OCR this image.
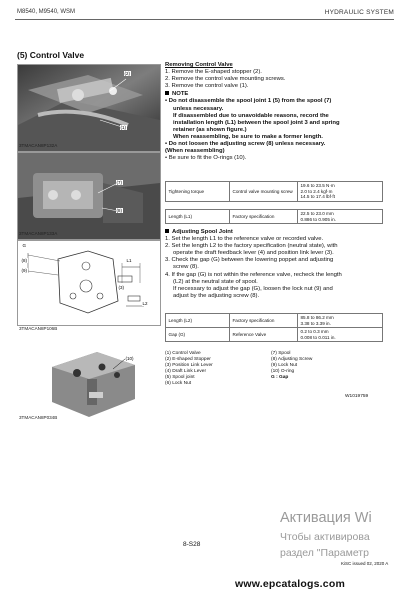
M8540, M9540, WSM	HYDRAULIC SYSTEM
(5) Control Valve
(2)
(1)
3TMACAN8P132A
(7)
(8)
3TMACAN8P133A
G
(8)
(9)
L1
(3)
L2
3TMACAN8P106B
(10)
3TMACAN8P034B

Removing Control Valve

1. Remove the E-shaped stopper (2).

2. Remove the control valve mounting screws.

3. Remove the control valve (1).

NOTE

• Do not disassemble the spool joint 1 (5) from the spool (7)

unless necessary.

If disassembled due to unavoidable reasons, record the

installation length (L1) between the spool joint 3 and spring

retainer (as shown figure.)

When reassembling, be sure to make a former length.

• Do not loosen the adjusting screw (8) unless necessary.

(When reassembling)

• Be sure to fit the O-rings (10).

Tightening torque	Control valve mounting screw	
19.6 to 23.5 N·m
2.0 to 2.4 kgf·m
14.5 to 17.4 lbf·ft
Length (L1)	Factory specification	
22.5 to 23.0 mm
0.886 to 0.905 in.

Adjusting Spool Joint

1. Set the length L1 to the reference valve or recorded valve.

2. Set the length L2 to the factory specification (neutral state), with

operate the draft feedback lever (4) and position link lever (3).

3. Check the gap (G) between the lowering poppet and adjusting

screw (8).

4. If the gap (G) is not within the reference valve, recheck the length

(L2) at the neutral state of spool.

If necessary to adjust the gap (G), loosen the lock nut (9) and

adjust by the adjusting screw (8).

Length (L2)	Factory specification	85.8 to 86.2 mm
3.38 to 3.39 in.

Gap (G)	Reference Valve	0.2 to 0.3 mm
0.008 to 0.011 in.
(1) Control Valve
(2) E-shaped Stopper
(3) Position Link Lever
(4) Draft Link Lever
(5) Spool joint
(6) Lock Nut
(7) Spool
(8) Adjusting Screw
(9) Lock Nut
(10) O-ring
G : Gap
W1019759
8-S28
KiSC issued 02, 2020 A
Активация Wi
Чтобы активирова
раздел "Параметр
www.epcatalogs.com
